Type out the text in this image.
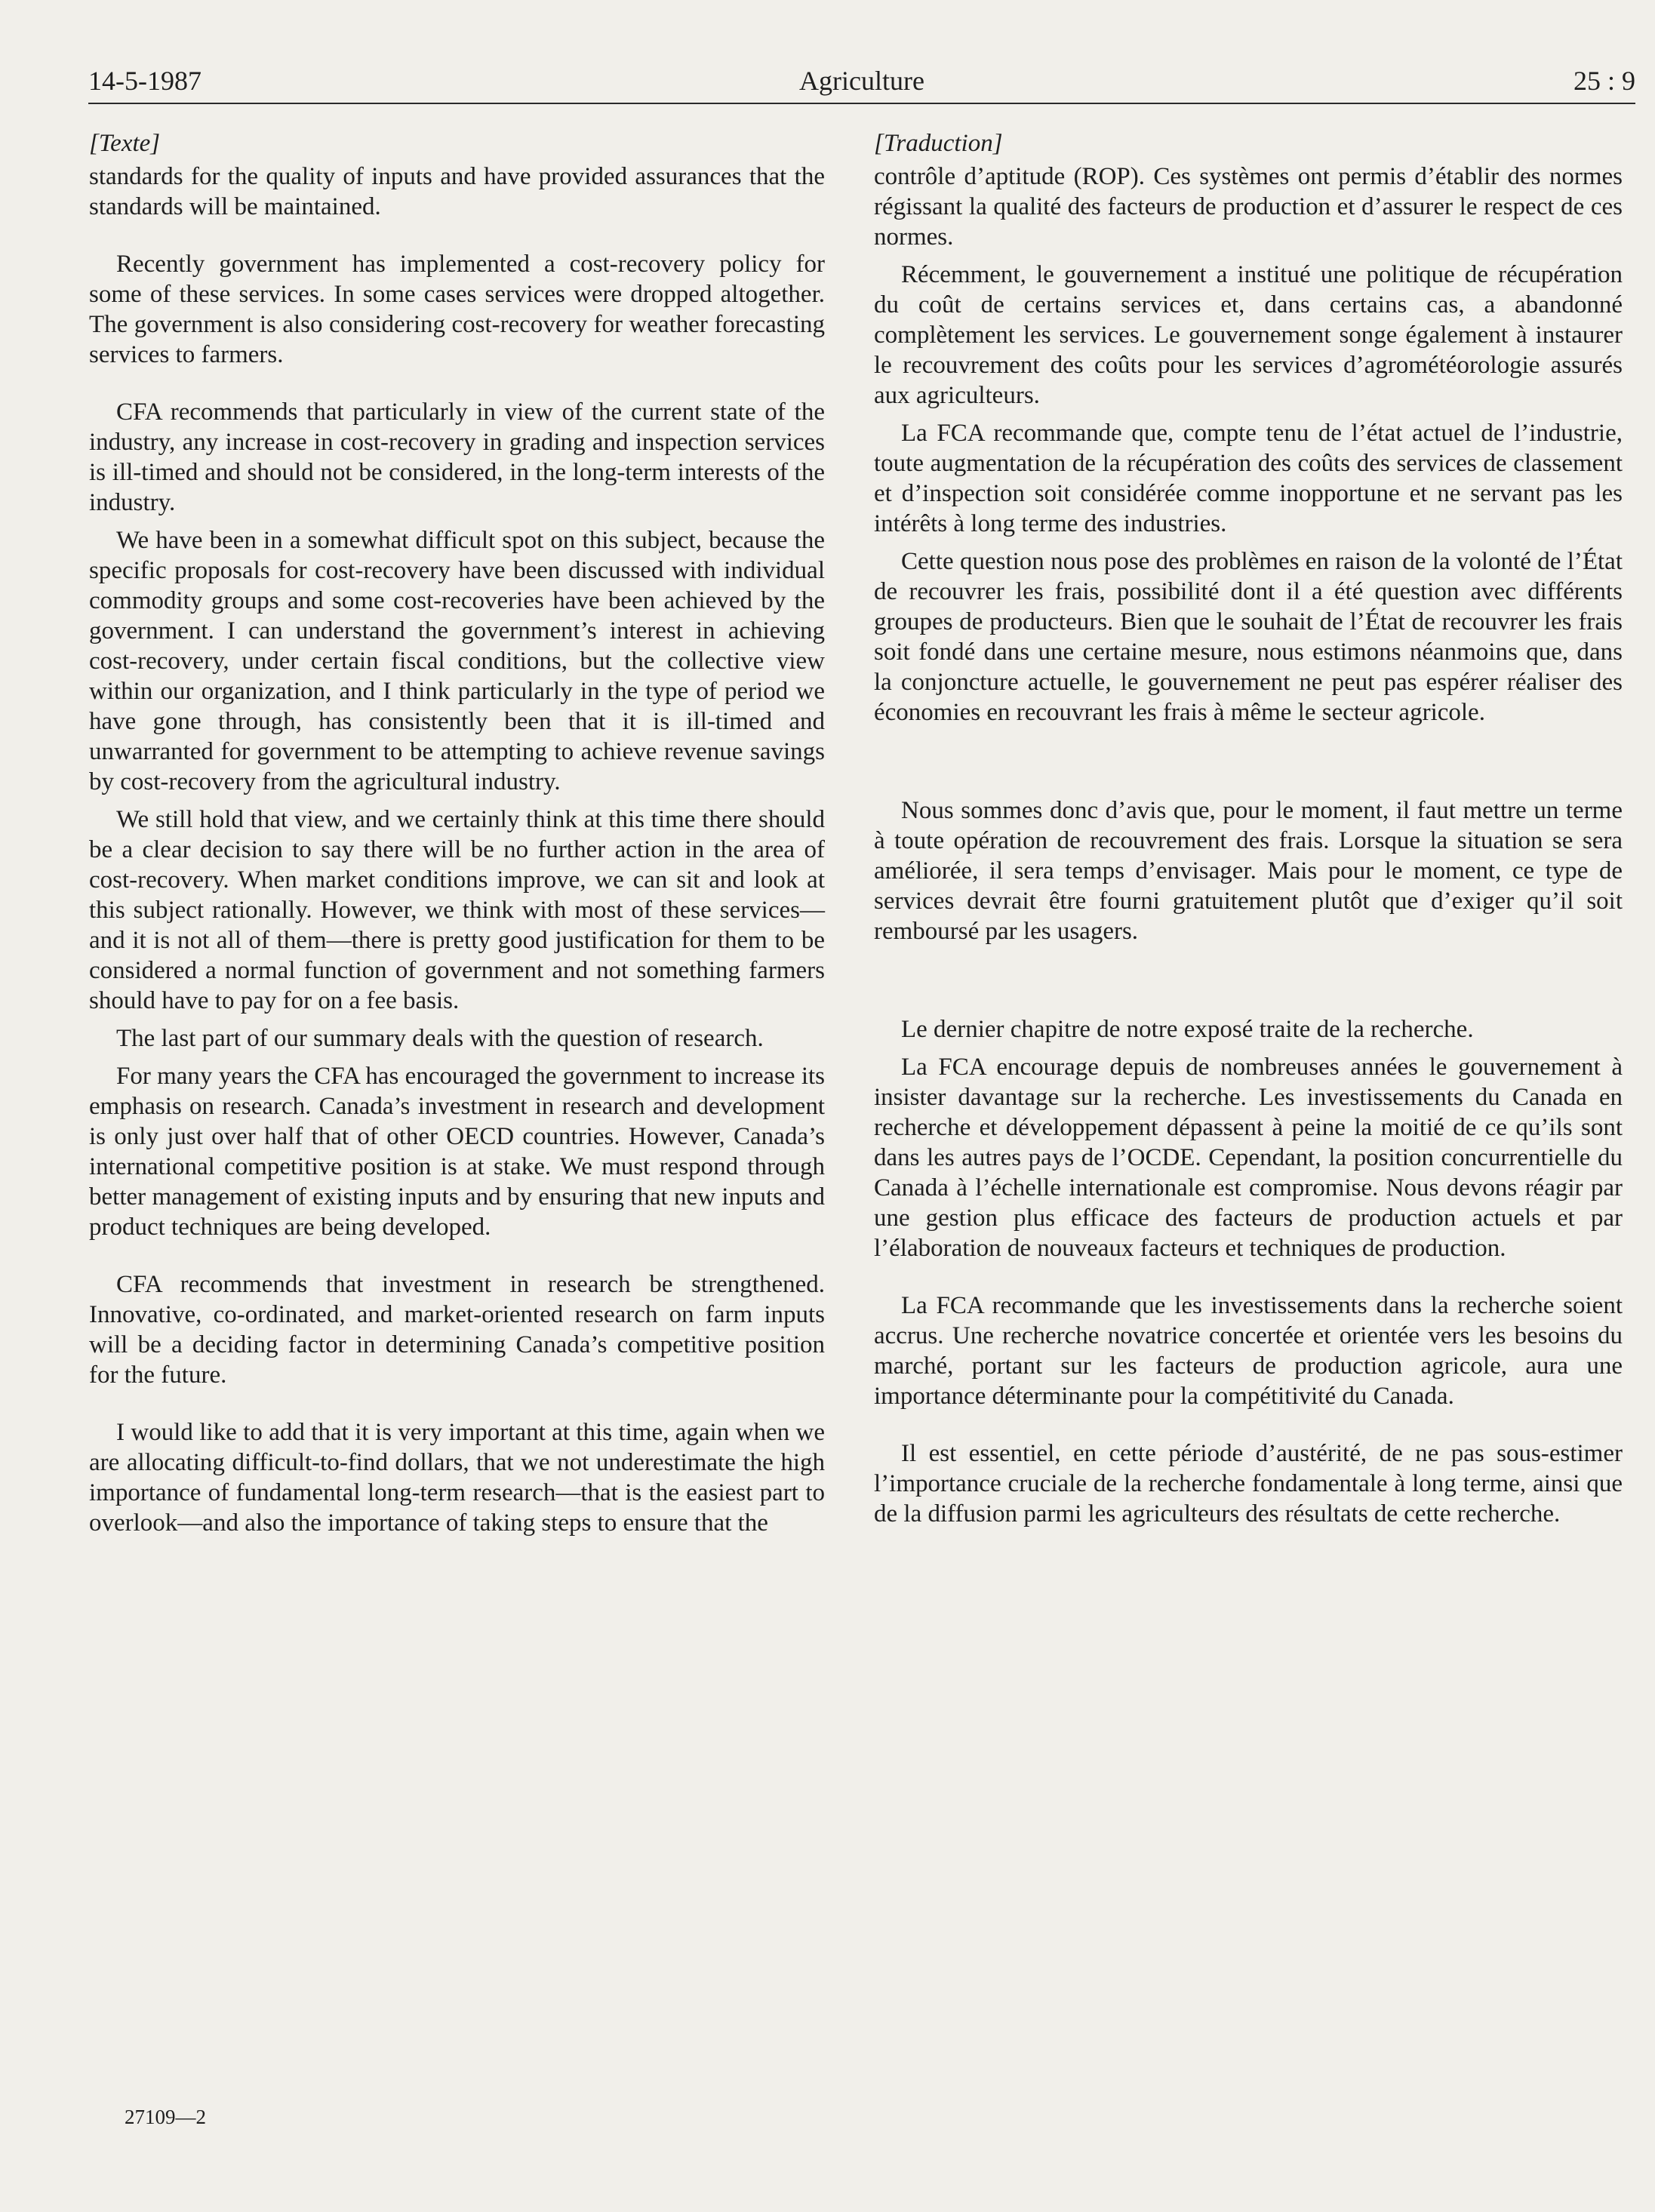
14-5-1987	Agriculture	25 : 9
[Texte]

standards for the quality of inputs and have provided assurances that the standards will be maintained.

Recently government has implemented a cost-recovery policy for some of these services. In some cases services were dropped altogether. The government is also considering cost-recovery for weather forecasting services to farmers.

CFA recommends that particularly in view of the current state of the industry, any increase in cost-recovery in grading and inspection services is ill-timed and should not be considered, in the long-term interests of the industry.

We have been in a somewhat difficult spot on this subject, because the specific proposals for cost-recovery have been discussed with individual commodity groups and some cost-recoveries have been achieved by the government. I can understand the government’s interest in achieving cost-recovery, under certain fiscal conditions, but the collective view within our organization, and I think particularly in the type of period we have gone through, has consistently been that it is ill-timed and unwarranted for government to be attempting to achieve revenue savings by cost-recovery from the agricultural industry.

We still hold that view, and we certainly think at this time there should be a clear decision to say there will be no further action in the area of cost-recovery. When market conditions improve, we can sit and look at this subject rationally. However, we think with most of these services—and it is not all of them—there is pretty good justification for them to be considered a normal function of government and not something farmers should have to pay for on a fee basis.

The last part of our summary deals with the question of research.

For many years the CFA has encouraged the government to increase its emphasis on research. Canada’s investment in research and development is only just over half that of other OECD countries. However, Canada’s international competitive position is at stake. We must respond through better management of existing inputs and by ensuring that new inputs and product techniques are being developed.

CFA recommends that investment in research be strengthened. Innovative, co-ordinated, and market-oriented research on farm inputs will be a deciding factor in determining Canada’s competitive position for the future.

I would like to add that it is very important at this time, again when we are allocating difficult-to-find dollars, that we not underestimate the high importance of fundamental long-term research—that is the easiest part to overlook—and also the importance of taking steps to ensure that the

[Traduction]

contrôle d’aptitude (ROP). Ces systèmes ont permis d’établir des normes régissant la qualité des facteurs de production et d’assurer le respect de ces normes.

Récemment, le gouvernement a institué une politique de récupération du coût de certains services et, dans certains cas, a abandonné complètement les services. Le gouvernement songe également à instaurer le recouvrement des coûts pour les services d’agrométéorologie assurés aux agriculteurs.

La FCA recommande que, compte tenu de l’état actuel de l’industrie, toute augmentation de la récupération des coûts des services de classement et d’inspection soit considérée comme inopportune et ne servant pas les intérêts à long terme des industries.

Cette question nous pose des problèmes en raison de la volonté de l’État de recouvrer les frais, possibilité dont il a été question avec différents groupes de producteurs. Bien que le souhait de l’État de recouvrer les frais soit fondé dans une certaine mesure, nous estimons néanmoins que, dans la conjoncture actuelle, le gouvernement ne peut pas espérer réaliser des économies en recouvrant les frais à même le secteur agricole.

Nous sommes donc d’avis que, pour le moment, il faut mettre un terme à toute opération de recouvrement des frais. Lorsque la situation se sera améliorée, il sera temps d’envisager. Mais pour le moment, ce type de services devrait être fourni gratuitement plutôt que d’exiger qu’il soit remboursé par les usagers.

Le dernier chapitre de notre exposé traite de la recherche.

La FCA encourage depuis de nombreuses années le gouvernement à insister davantage sur la recherche. Les investissements du Canada en recherche et développement dépassent à peine la moitié de ce qu’ils sont dans les autres pays de l’OCDE. Cependant, la position concurrentielle du Canada à l’échelle internationale est compromise. Nous devons réagir par une gestion plus efficace des facteurs de production actuels et par l’élaboration de nouveaux facteurs et techniques de production.

La FCA recommande que les investissements dans la recherche soient accrus. Une recherche novatrice concertée et orientée vers les besoins du marché, portant sur les facteurs de production agricole, aura une importance déterminante pour la compétitivité du Canada.

Il est essentiel, en cette période d’austérité, de ne pas sous-estimer l’importance cruciale de la recherche fondamentale à long terme, ainsi que de la diffusion parmi les agriculteurs des résultats de cette recherche.

27109—2
